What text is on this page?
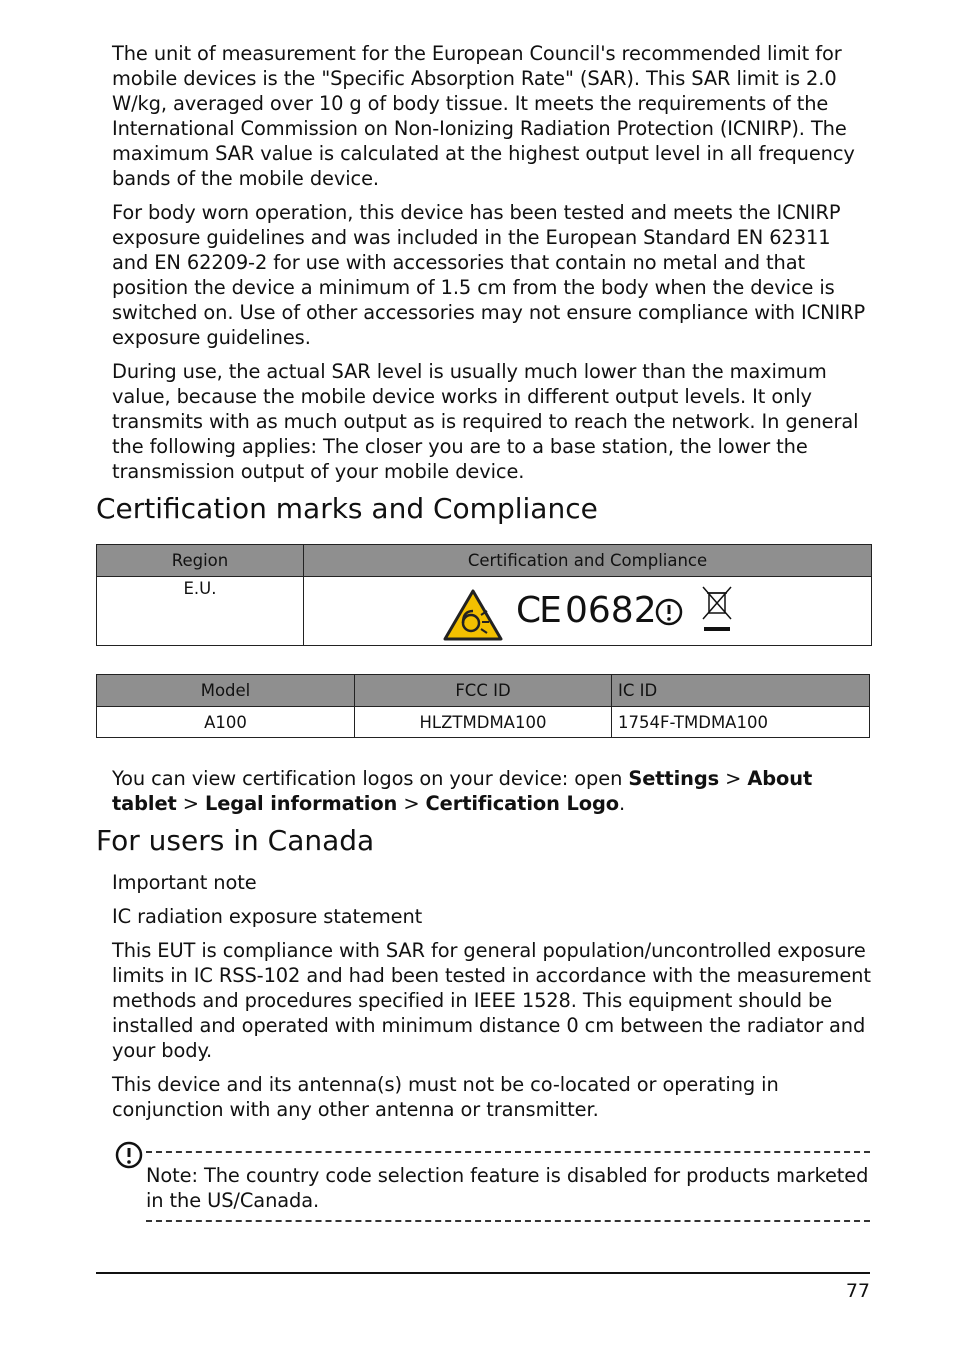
The unit of measurement for the European Council's recommended limit for mobile devices is the "Specific Absorption Rate" (SAR). This SAR limit is 2.0 W/kg, averaged over 10 g of body tissue. It meets the requirements of the International Commission on Non-Ionizing Radiation Protection (ICNIRP). The maximum SAR value is calculated at the highest output level in all frequency bands of the mobile device.

For body worn operation, this device has been tested and meets the ICNIRP exposure guidelines and was included in the European Standard EN 62311 and EN 62209-2 for use with accessories that contain no metal and that position the device a minimum of 1.5 cm from the body when the device is switched on. Use of other accessories may not ensure compliance with ICNIRP exposure guidelines.

During use, the actual SAR level is usually much lower than the maximum value, because the mobile device works in different output levels. It only transmits with as much output as is required to reach the network. In general the following applies: The closer you are to a base station, the lower the transmission output of your mobile device.

Certification marks and Compliance
Region	Certification and Compliance
E.U.	CE 0682
Model	FCC ID	IC ID
A100	HLZTMDMA100	1754F-TMDMA100

You can view certification logos on your device: open Settings > About tablet > Legal information > Certification Logo.

For users in Canada

Important note

IC radiation exposure statement

This EUT is compliance with SAR for general population/uncontrolled exposure limits in IC RSS-102 and had been tested in accordance with the measurement methods and procedures specified in IEEE 1528. This equipment should be installed and operated with minimum distance 0 cm between the radiator and your body.

This device and its antenna(s) must not be co-located or operating in conjunction with any other antenna or transmitter.

Note: The country code selection feature is disabled for products marketed in the US/Canada.

77
